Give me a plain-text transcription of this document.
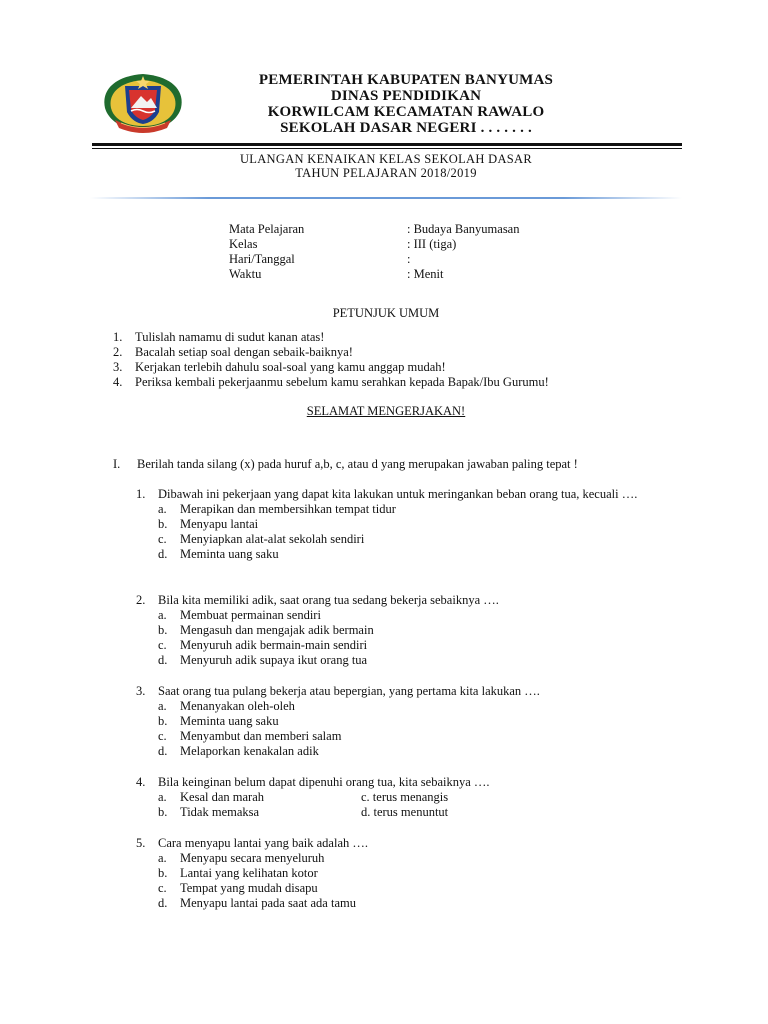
PEMERINTAH KABUPATEN BANYUMAS
DINAS PENDIDIKAN
KORWILCAM KECAMATAN RAWALO
SEKOLAH DASAR NEGERI . . . . . . .
ULANGAN KENAIKAN KELAS SEKOLAH DASAR
TAHUN PELAJARAN 2018/2019
Mata Pelajaran	: Budaya Banyumasan
Kelas	: III (tiga)
Hari/Tanggal	:
Waktu	: Menit
PETUNJUK UMUM
1.	Tulislah namamu di sudut kanan atas!
2.	Bacalah setiap soal dengan sebaik-baiknya!
3.	Kerjakan terlebih dahulu soal-soal yang kamu anggap mudah!
4.	Periksa kembali pekerjaanmu sebelum kamu serahkan kepada Bapak/Ibu Gurumu!
SELAMAT MENGERJAKAN!
I.	Berilah tanda silang (x) pada huruf a,b, c, atau d yang merupakan jawaban paling tepat !
1.	Dibawah ini pekerjaan yang dapat kita lakukan untuk meringankan beban orang tua, kecuali ….
a.	Merapikan dan membersihkan tempat tidur
b.	Menyapu lantai
c.	Menyiapkan alat-alat sekolah sendiri
d.	Meminta uang saku
2.	Bila kita memiliki adik, saat orang tua sedang bekerja sebaiknya ….
a.	Membuat permainan sendiri
b.	Mengasuh dan mengajak adik bermain
c.	Menyuruh adik bermain-main sendiri
d.	Menyuruh adik supaya ikut orang tua
3.	Saat orang tua pulang bekerja atau bepergian, yang pertama kita lakukan ….
a.	Menanyakan oleh-oleh
b.	Meminta uang saku
c.	Menyambut dan memberi salam
d.	Melaporkan kenakalan adik
4.	Bila keinginan belum dapat dipenuhi orang tua, kita sebaiknya ….
a.	Kesal dan marah	c. terus menangis
b.	Tidak memaksa	d. terus menuntut
5.	Cara menyapu lantai yang baik adalah ….
a.	Menyapu secara menyeluruh
b.	Lantai yang kelihatan kotor
c.	Tempat yang mudah disapu
d.	Menyapu lantai pada saat ada tamu
